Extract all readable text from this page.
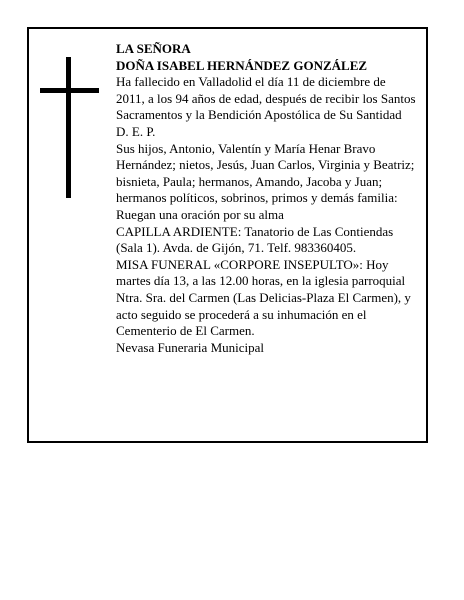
LA SEÑORA
DOÑA ISABEL HERNÁNDEZ GONZÁLEZ
Ha fallecido en Valladolid el día 11 de diciembre de 2011, a los 94 años de edad, después de recibir los Santos Sacramentos y la Bendición Apostólica de Su Santidad
D. E. P.
Sus hijos, Antonio, Valentín y María Henar Bravo Hernández; nietos, Jesús, Juan Carlos, Virginia y Beatriz; bisnieta, Paula; hermanos, Amando, Jacoba y Juan; hermanos políticos, sobrinos, primos y demás familia:
Ruegan una oración por su alma
CAPILLA ARDIENTE: Tanatorio de Las Contiendas (Sala 1). Avda. de Gijón, 71. Telf. 983360405.
MISA FUNERAL «CORPORE INSEPULTO»: Hoy martes día 13, a las 12.00 horas, en la iglesia parroquial Ntra. Sra. del Carmen (Las Delicias-Plaza El Carmen), y acto seguido se procederá a su inhumación en el Cementerio de El Carmen.
Nevasa Funeraria Municipal
